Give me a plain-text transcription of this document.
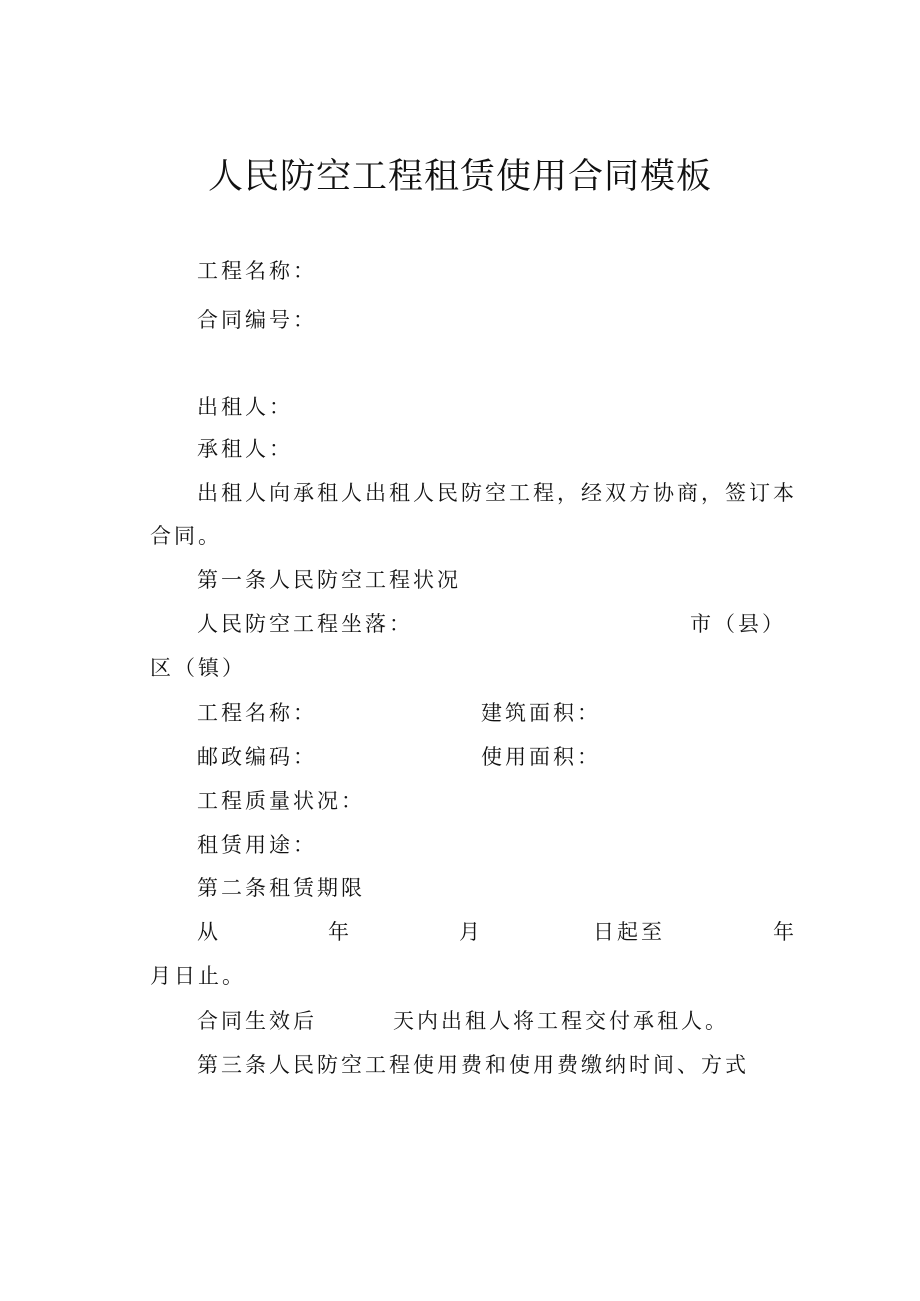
人民防空工程租赁使用合同模板
工程名称：
合同编号：
出租人：
承租人：
出租人向承租人出租人民防空工程，经双方协商，签订本
合同。
第一条人民防空工程状况
人民防空工程坐落：	市（县）
区（镇）
工程名称：	建筑面积：
邮政编码：	使用面积：
工程质量状况：
租赁用途：
第二条租赁期限
从	年	月	日起至	年
月日止。
合同生效后	天内出租人将工程交付承租人。
第三条人民防空工程使用费和使用费缴纳时间、方式
